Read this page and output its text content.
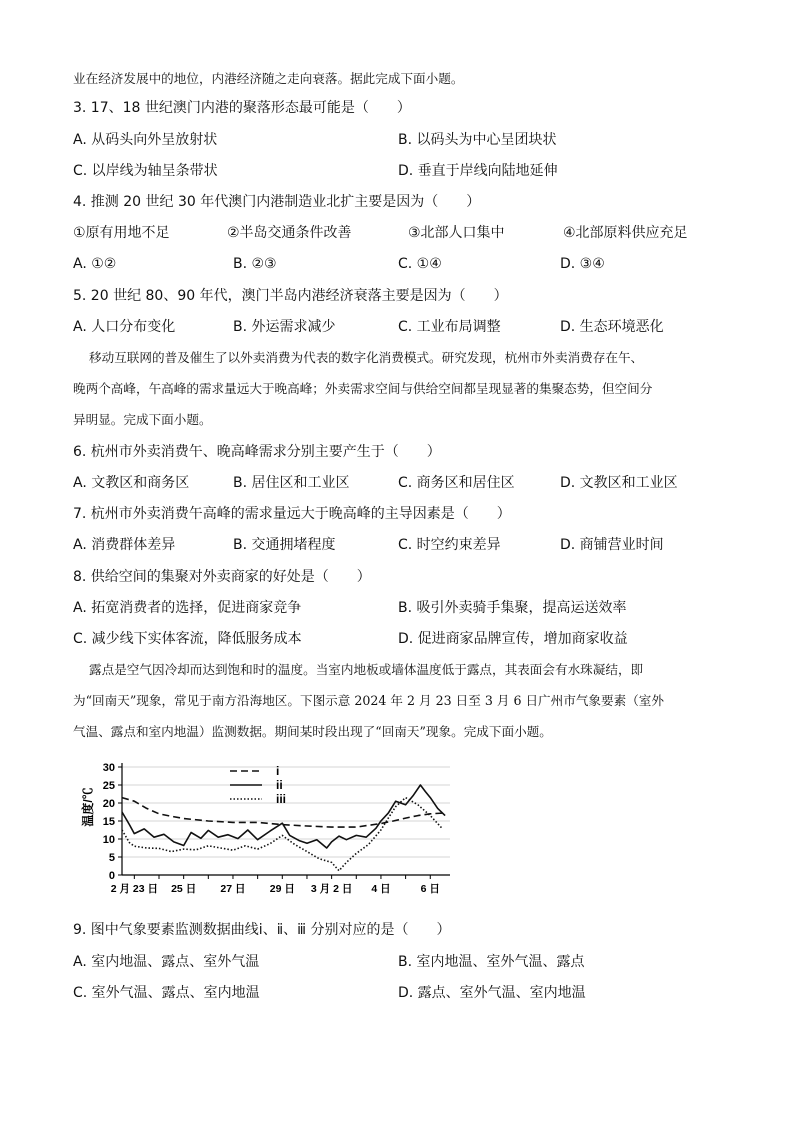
业在经济发展中的地位，内港经济随之走向衰落。据此完成下面小题。
3. 17、18 世纪澳门内港的聚落形态最可能是（　　）
A. 从码头向外呈放射状	B. 以码头为中心呈团块状
C. 以岸线为轴呈条带状	D. 垂直于岸线向陆地延伸
4. 推测 20 世纪 30 年代澳门内港制造业北扩主要是因为（　　）
①原有用地不足	②半岛交通条件改善	③北部人口集中	④北部原料供应充足
A. ①②	B. ②③	C. ①④	D. ③④
5. 20 世纪 80、90 年代，澳门半岛内港经济衰落主要是因为（　　）
A. 人口分布变化	B. 外运需求减少	C. 工业布局调整	D. 生态环境恶化
移动互联网的普及催生了以外卖消费为代表的数字化消费模式。研究发现，杭州市外卖消费存在午、
晚两个高峰，午高峰的需求量远大于晚高峰；外卖需求空间与供给空间都呈现显著的集聚态势，但空间分
异明显。完成下面小题。
6. 杭州市外卖消费午、晚高峰需求分别主要产生于（　　）
A. 文教区和商务区	B. 居住区和工业区	C. 商务区和居住区	D. 文教区和工业区
7. 杭州市外卖消费午高峰的需求量远大于晚高峰的主导因素是（　　）
A. 消费群体差异	B. 交通拥堵程度	C. 时空约束差异	D. 商铺营业时间
8. 供给空间的集聚对外卖商家的好处是（　　）
A. 拓宽消费者的选择，促进商家竞争	B. 吸引外卖骑手集聚，提高运送效率
C. 减少线下实体客流，降低服务成本	D. 促进商家品牌宣传，增加商家收益
露点是空气因冷却而达到饱和时的温度。当室内地板或墙体温度低于露点，其表面会有水珠凝结，即
为“回南天”现象，常见于南方沿海地区。下图示意 2024 年 2 月 23 日至 3 月 6 日广州市气象要素（室外
气温、露点和室内地温）监测数据。期间某时段出现了“回南天”现象。完成下面小题。
0
5
10
15
20
25
30
2 月 23 日 25 日 27 日 29 日 3 月 2 日 4 日	6 日
i
ii
iii
温度/℃
9. 图中气象要素监测数据曲线ⅰ、ⅱ、ⅲ 分别对应的是（　　）
A. 室内地温、露点、室外气温	B. 室内地温、室外气温、露点
C. 室外气温、露点、室内地温	D. 露点、室外气温、室内地温
